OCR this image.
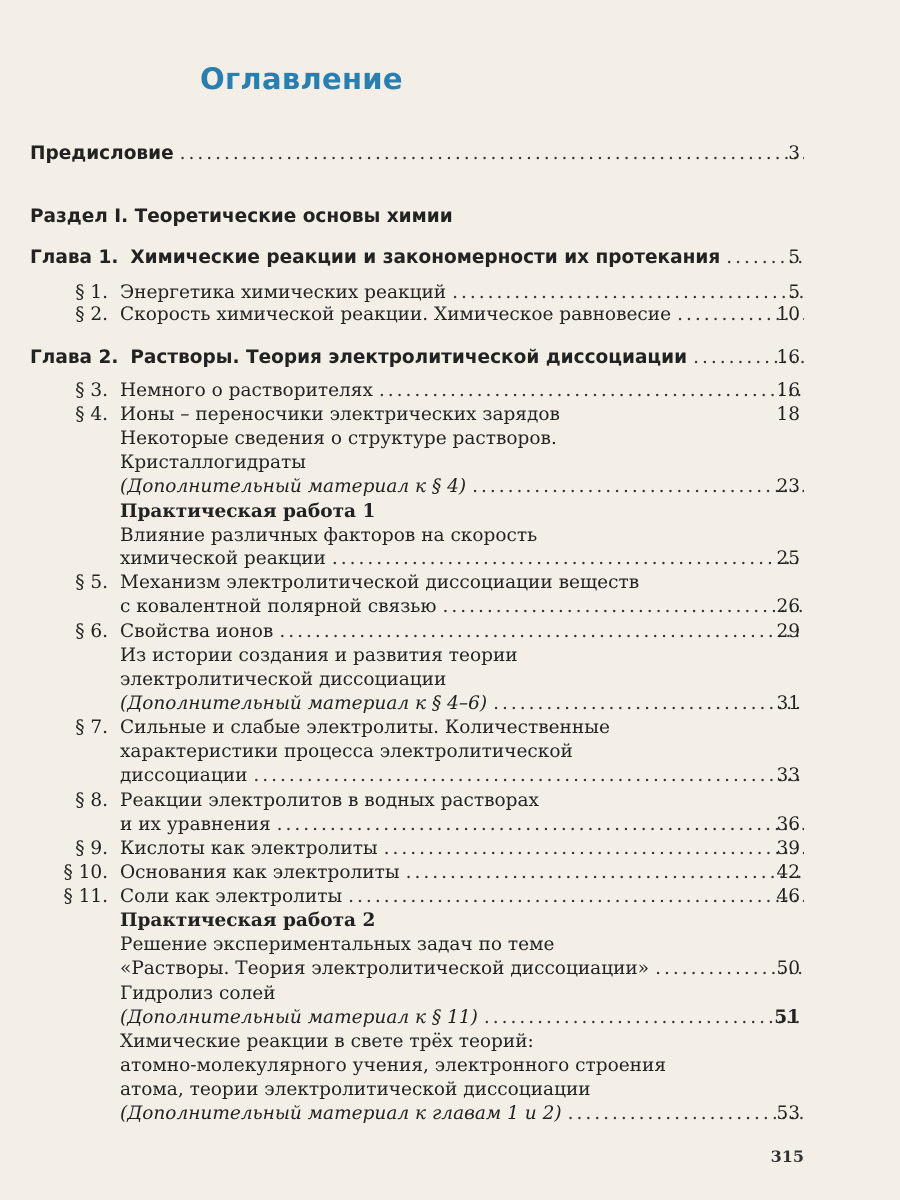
Оглавление
Предисловие .....	3
Раздел I. Теоретические основы химии
Глава 1. Химические реакции и закономерности их протекания .....	5
§ 1. Энергетика химических реакций .....	5
§ 2. Скорость химической реакции. Химическое равновесие .....	10
Глава 2. Растворы. Теория электролитической диссоциации .....	16
§ 3. Немного о растворителях .....	16
§ 4. Ионы – переносчики электрических зарядов	18
Некоторые сведения о структуре растворов.
Кристаллогидраты
(Дополнительный материал к § 4) .....	23
Практическая работа 1
Влияние различных факторов на скорость
химической реакции .....	25
§ 5. Механизм электролитической диссоциации веществ
с ковалентной полярной связью .....	26
§ 6. Свойства ионов .....	29
Из истории создания и развития теории
электролитической диссоциации
(Дополнительный материал к § 4–6) .....	31
§ 7. Сильные и слабые электролиты. Количественные
характеристики процесса электролитической
диссоциации .....	33
§ 8. Реакции электролитов в водных растворах
и их уравнения .....	36
§ 9. Кислоты как электролиты .....	39
§ 10. Основания как электролиты .....	42
§ 11. Соли как электролиты .....	46
Практическая работа 2
Решение экспериментальных задач по теме
«Растворы. Теория электролитической диссоциации» .....	50
Гидролиз солей
(Дополнительный материал к § 11) .....	51
Химические реакции в свете трёх теорий:
атомно-молекулярного учения, электронного строения
атома, теории электролитической диссоциации
(Дополнительный материал к главам 1 и 2) .....	53
315
